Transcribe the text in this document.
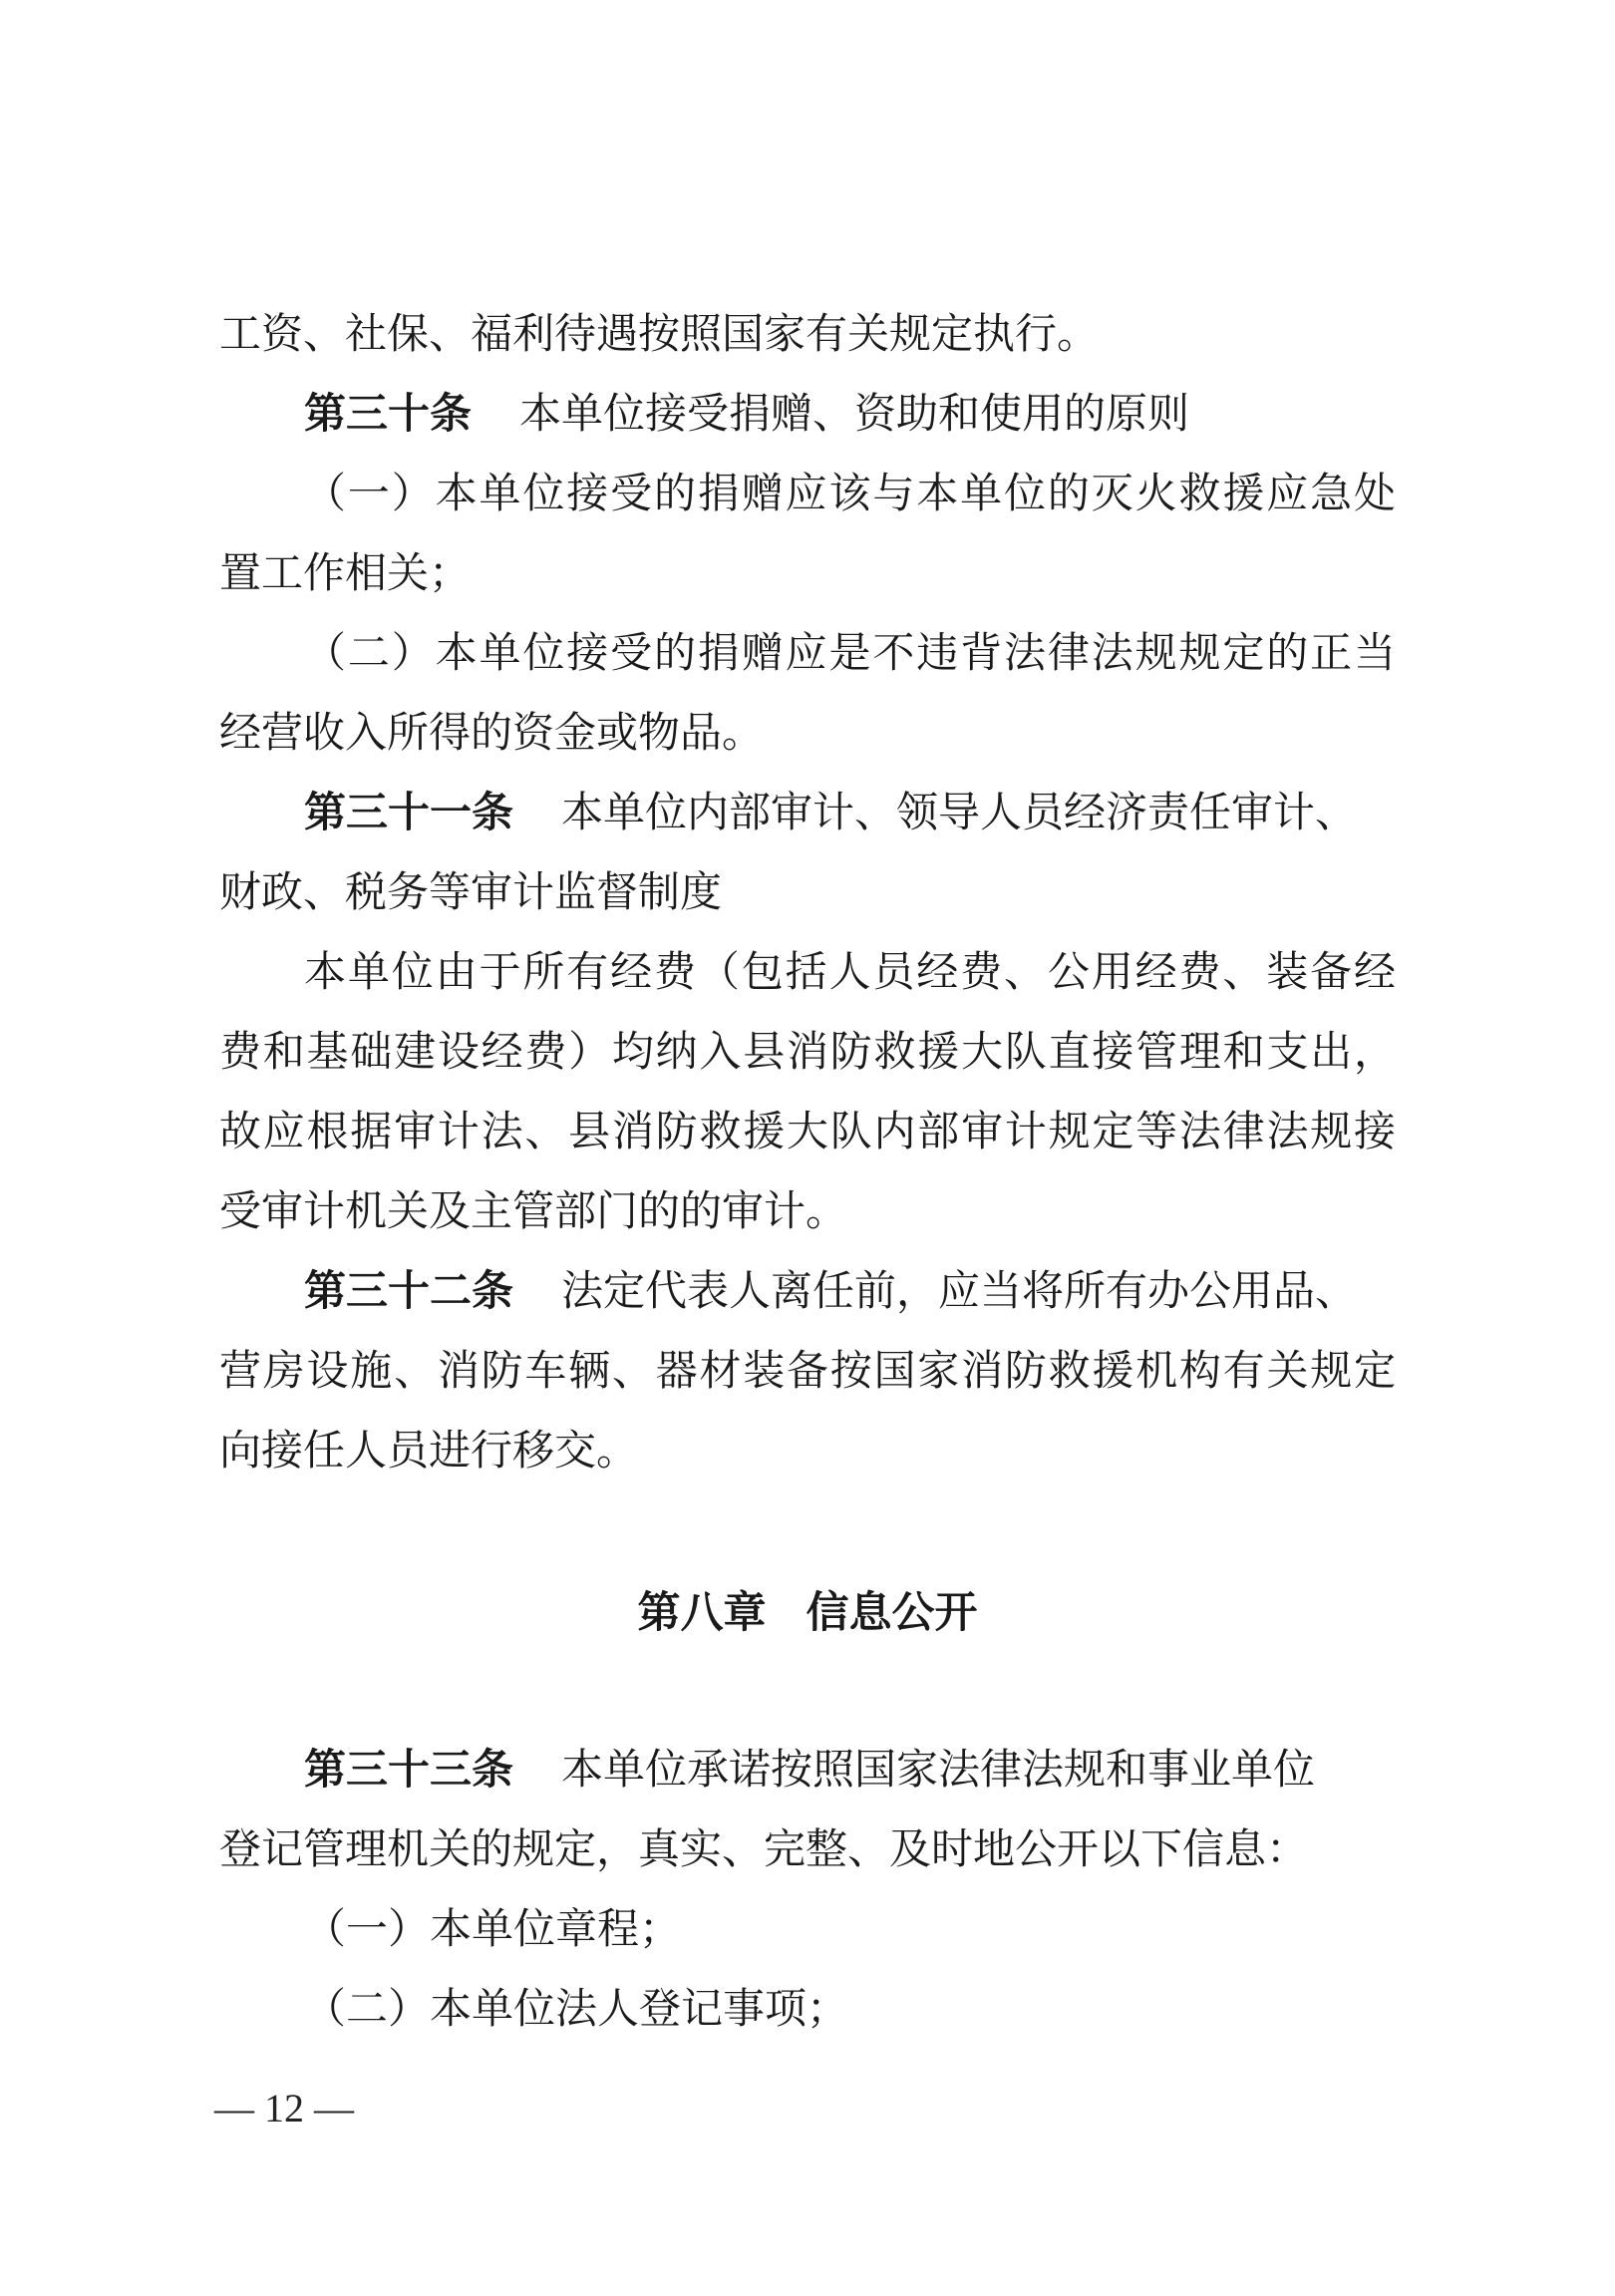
工资、社保、福利待遇按照国家有关规定执行。

第三十条 本单位接受捐赠、资助和使用的原则

（一）本单位接受的捐赠应该与本单位的灭火救援应急处

置工作相关；

（二）本单位接受的捐赠应是不违背法律法规规定的正当

经营收入所得的资金或物品。

第三十一条 本单位内部审计、领导人员经济责任审计、

财政、税务等审计监督制度

本单位由于所有经费（包括人员经费、公用经费、装备经

费和基础建设经费）均纳入县消防救援大队直接管理和支出，

故应根据审计法、县消防救援大队内部审计规定等法律法规接

受审计机关及主管部门的的审计。

第三十二条 法定代表人离任前，应当将所有办公用品、

营房设施、消防车辆、器材装备按国家消防救援机构有关规定

向接任人员进行移交。

第八章 信息公开

第三十三条 本单位承诺按照国家法律法规和事业单位

登记管理机关的规定，真实、完整、及时地公开以下信息：

（一）本单位章程；

（二）本单位法人登记事项；

— 12 —
